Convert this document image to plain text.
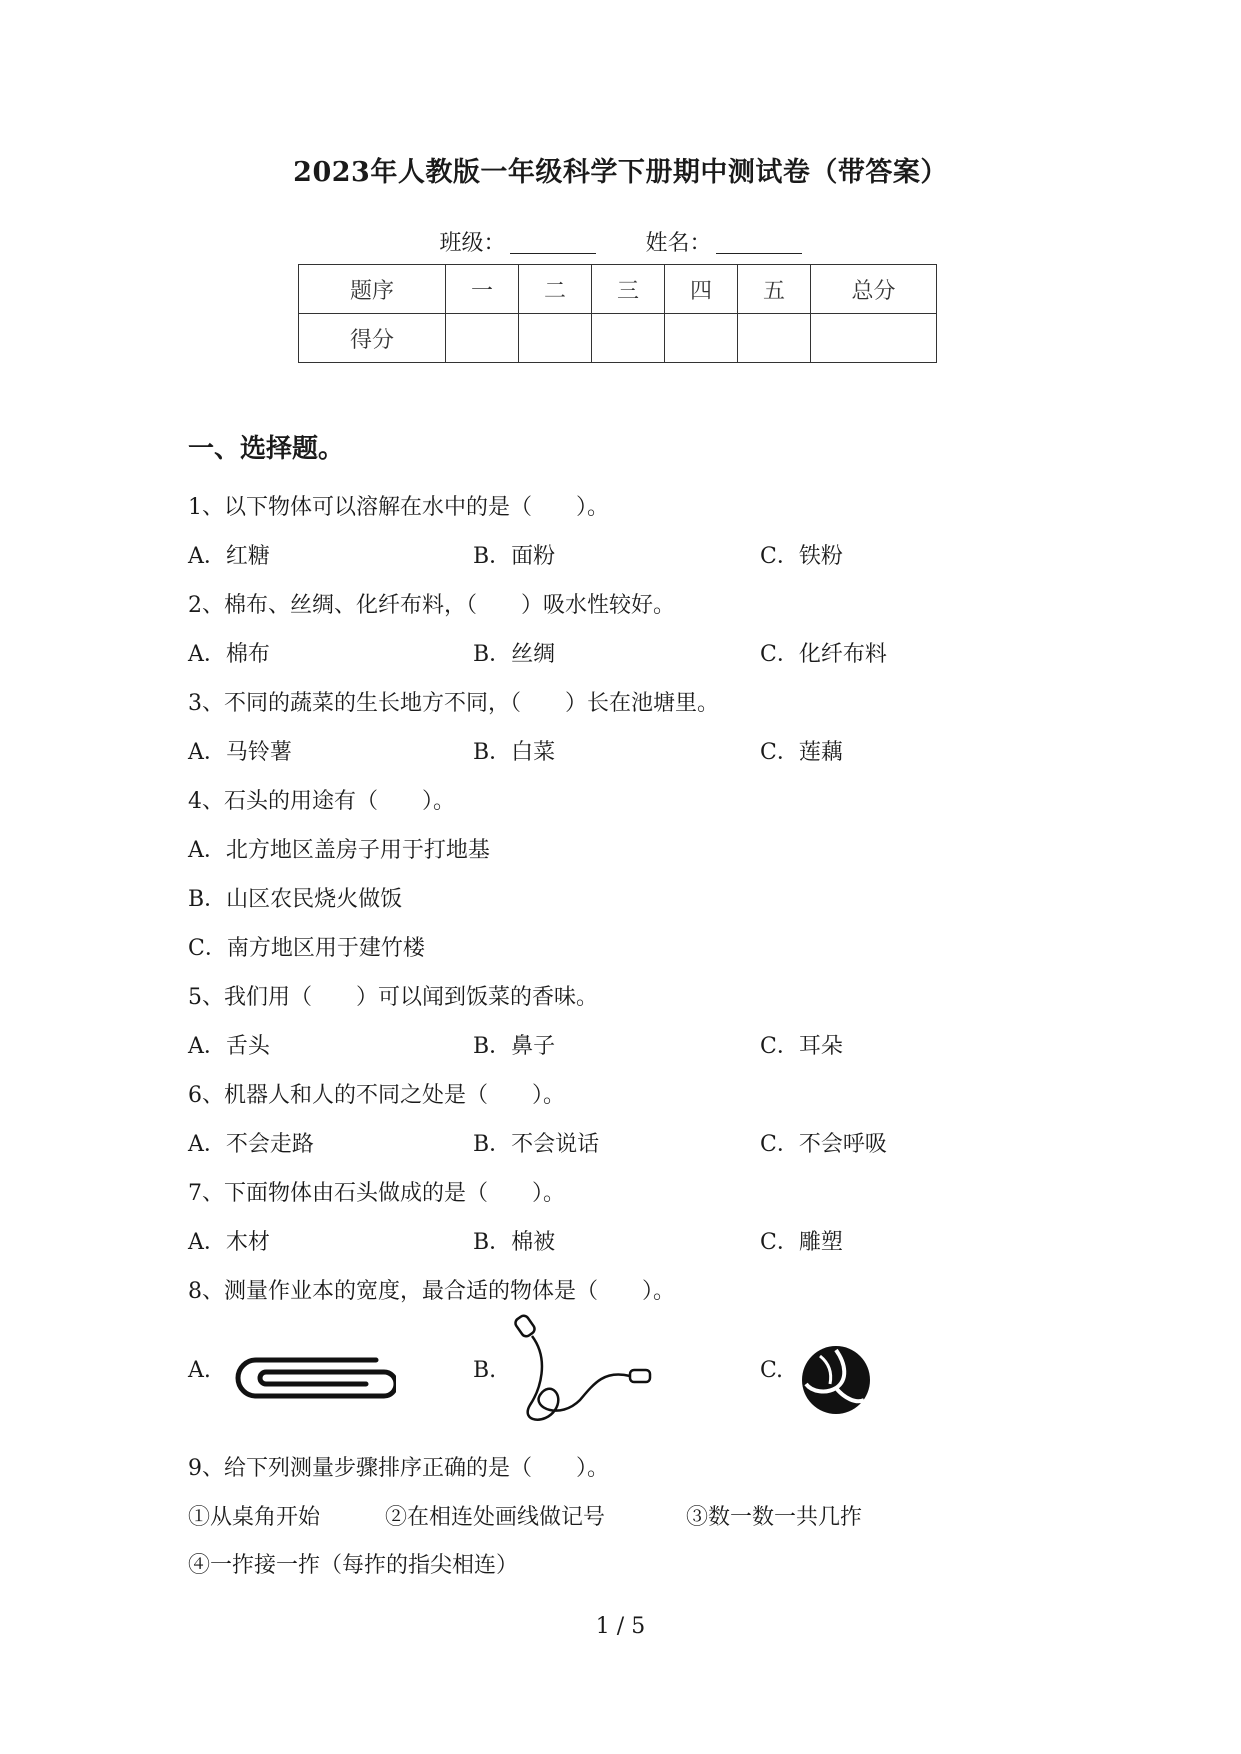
2023年人教版一年级科学下册期中测试卷（带答案）
班级：	姓名：
题序	一	二	三	四	五	总分
得分						
一、选择题。
1、以下物体可以溶解在水中的是（　　）。
A．红糖	B．面粉	C．铁粉
2、棉布、丝绸、化纤布料，（　　）吸水性较好。
A．棉布	B．丝绸	C．化纤布料
3、不同的蔬菜的生长地方不同，（　　）长在池塘里。
A．马铃薯	B．白菜	C．莲藕
4、石头的用途有（　　）。
A．北方地区盖房子用于打地基
B．山区农民烧火做饭
C．南方地区用于建竹楼
5、我们用（　　）可以闻到饭菜的香味。
A．舌头	B．鼻子	C．耳朵
6、机器人和人的不同之处是（　　）。
A．不会走路	B．不会说话	C．不会呼吸
7、下面物体由石头做成的是（　　）。
A．木材	B．棉被	C．雕塑
8、测量作业本的宽度，最合适的物体是（　　）。
A.	B.	C.
9、给下列测量步骤排序正确的是（　　）。
①从桌角开始	②在相连处画线做记号	③数一数一共几拃
④一拃接一拃（每拃的指尖相连）
1 / 5
